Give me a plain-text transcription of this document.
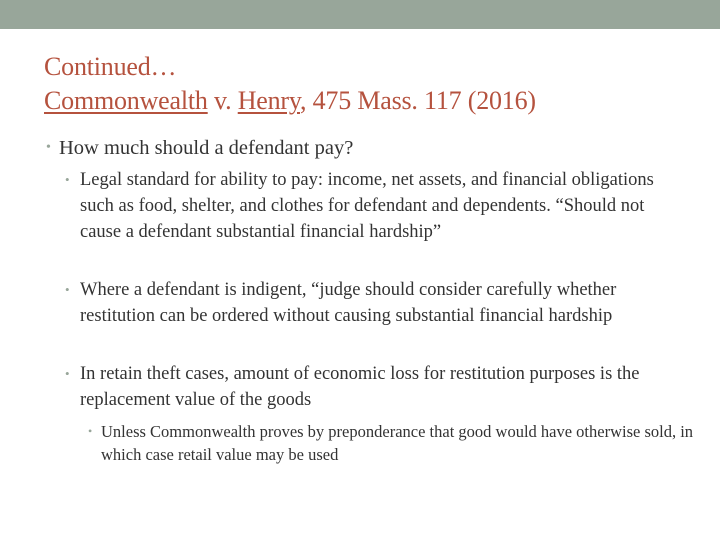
Continued…
Commonwealth v. Henry, 475 Mass. 117 (2016)
• How much should a defendant pay?
• Legal standard for ability to pay: income, net assets, and financial obligations such as food, shelter, and clothes for defendant and dependents. “Should not cause a defendant substantial financial hardship”
• Where a defendant is indigent, “judge should consider carefully whether restitution can be ordered without causing substantial financial hardship
• In retain theft cases, amount of economic loss for restitution purposes is the replacement value of the goods
• Unless Commonwealth proves by preponderance that good would have otherwise sold, in which case retail value may be used
